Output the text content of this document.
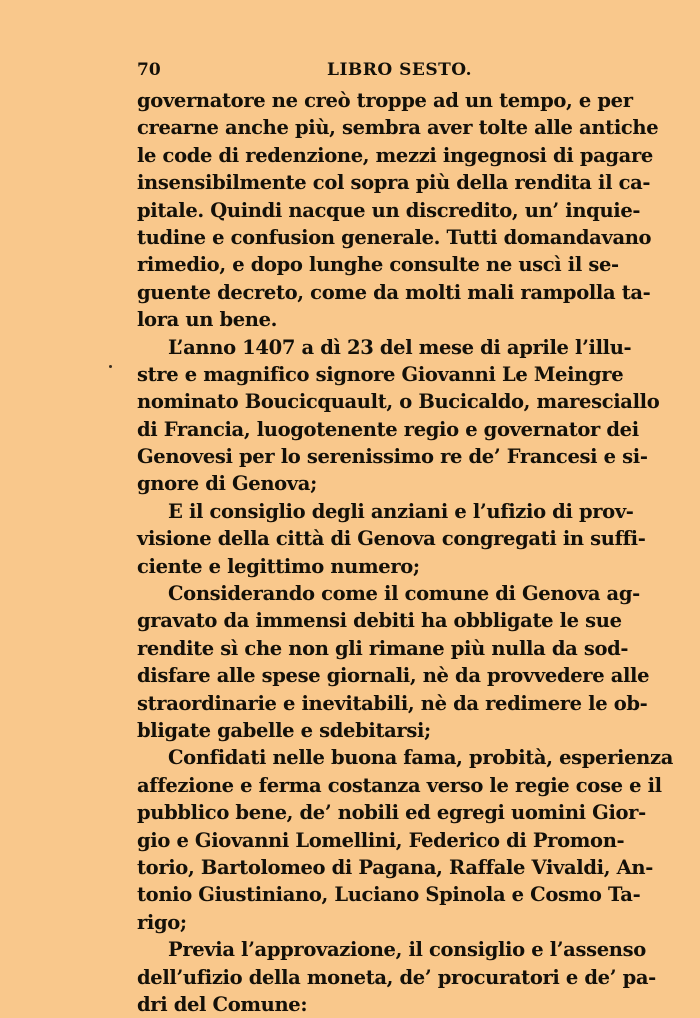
70	LIBRO SESTO.
governatore ne creò troppe ad un tempo, e per
crearne anche più, sembra aver tolte alle antiche
le code di redenzione, mezzi ingegnosi di pagare
insensibilmente col sopra più della rendita il ca-
pitale. Quindi nacque un discredito, un’ inquie-
tudine e confusion generale. Tutti domandavano
rimedio, e dopo lunghe consulte ne uscì il se-
guente decreto, come da molti mali rampolla ta-
lora un bene.
L’anno 1407 a dì 23 del mese di aprile l’illu-
stre e magnifico signore Giovanni Le Meingre
nominato Boucicquault, o Bucicaldo, maresciallo
di Francia, luogotenente regio e governator dei
Genovesi per lo serenissimo re de’ Francesi e si-
gnore di Genova;
E il consiglio degli anziani e l’ufizio di prov-
visione della città di Genova congregati in suffi-
ciente e legittimo numero;
Considerando come il comune di Genova ag-
gravato da immensi debiti ha obbligate le sue
rendite sì che non gli rimane più nulla da sod-
disfare alle spese giornali, nè da provvedere alle
straordinarie e inevitabili, nè da redimere le ob-
bligate gabelle e sdebitarsi;
Confidati nelle buona fama, probità, esperienza
affezione e ferma costanza verso le regie cose e il
pubblico bene, de’ nobili ed egregi uomini Gior-
gio e Giovanni Lomellini, Federico di Promon-
torio, Bartolomeo di Pagana, Raffale Vivaldi, An-
tonio Giustiniano, Luciano Spinola e Cosmo Ta-
rigo;
Previa l’approvazione, il consiglio e l’assenso
dell’ufizio della moneta, de’ procuratori e de’ pa-
dri del Comune:
